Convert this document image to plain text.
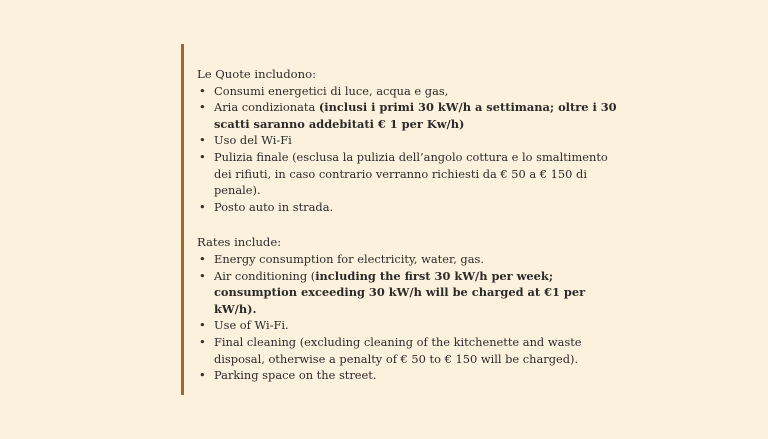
Le Quote includono:
• Consumi energetici di luce, acqua e gas,
• Aria condizionata (inclusi i primi 30 kW/h a settimana; oltre i 30 scatti saranno addebitati € 1 per Kw/h)
• Uso del Wi-Fi
• Pulizia finale (esclusa la pulizia dell’angolo cottura e lo smaltimento dei rifiuti, in caso contrario verranno richiesti da € 50 a € 150 di penale).
• Posto auto in strada.
Rates include:
• Energy consumption for electricity, water, gas.
• Air conditioning (including the first 30 kW/h per week; consumption exceeding 30 kW/h will be charged at €1 per kW/h).
• Use of Wi-Fi.
• Final cleaning (excluding cleaning of the kitchenette and waste disposal, otherwise a penalty of € 50 to € 150 will be charged).
• Parking space on the street.
